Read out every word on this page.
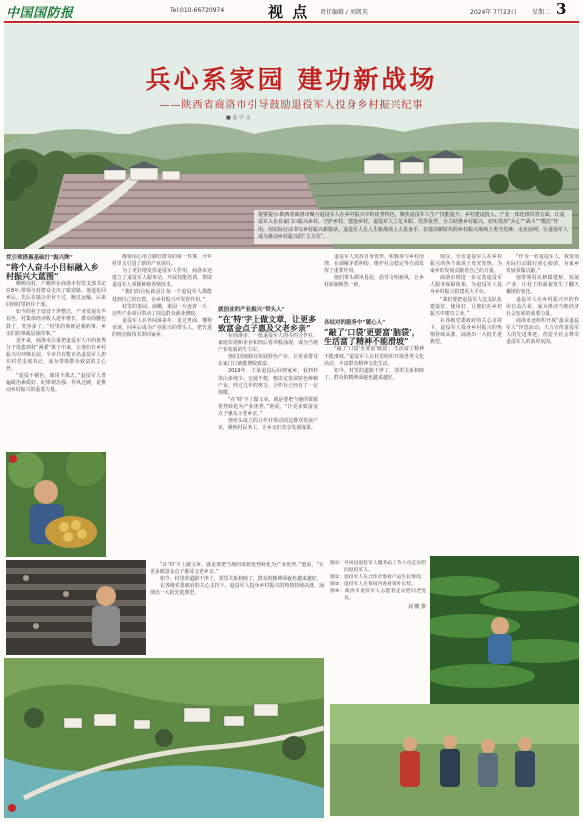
中国国防报	Tel:010-66720974	视 点 责任编辑 / 刘凯英	2024年 7月23日	星期二 3
兵心系家园 建功新战场
——陕西省商洛市引导鼓励退役军人投身乡村振兴纪事
■ 金 宇 义
提要提示:陕西省商洛市聚合退役军人在乡村振兴中的优势特色，聚焦退役军人生产技能提升、乡村建设投入、产业一体化组织等方面，让退役军人在自家门口振兴乡村、守护乡村、建设乡村。退役军人立足本职、发挥优势，全力助推乡村振兴，切实发挥“兵心”“战斗”“模范”作用，用实际行动书写乡村振兴新篇章。退役军人在人生新战场上大显身手，在建功新时代的乡村振兴战场上勇当先锋、走在前列，让退役军人成为推动乡村振兴的“主力军”。
党引领搭惠基础打“振兴牌”
“将个人奋斗小目标融入乡村振兴大蓝图”

柳树岗村，户籍所在商洛市村党支部书记任8年,带领全村群众走出了致富路。他退伍回乡后，先后在镇办企业干过，跑过运输，后来回到村里担任干部。

如今的村子处处干净整洁，产业发展有声有色，村集体经济收入逐年增长，群众的腰包鼓了，笑容多了。“村里的事就是我的事，乡亲们的事就是我的事。”

近年来，商洛市注重把退役军人中的优秀分子选拔到村“两委”班子中来，让他们在乡村振兴中冲锋在前。全市共有数百名退役军人担任村党支部书记，成为带领群众致富的主心骨。

“退役不褪色，离岗不离志。”退役军人普遍政治素质好、纪律观念强、作风过硬，是推动乡村振兴的重要力量。

都要用心用力做好群众的每一件事，今年村里又引进了新的产业项目。

为了更好地发挥退役军人作用，商洛市还建立了退役军人服务站，开展技能培训，帮助退役军人掌握种植养殖技术。

“我们的目标就是让每一个退役军人都能找到自己的位置，在乡村振兴中发挥作用。”

村里的茶园、菌棚、果园一片连着一片，这些产业项目带动了周边群众就业增收。

退役军人在外闯荡多年，见过世面、懂得市场，回乡后成为产业振兴的带头人，把先进的理念和技术带回家乡。

就创业的产业振兴“带头人”
“在‘特’字上做文章，让更多致富金点子惠及父老乡亲”

在商洛市，一批退役军人创办的合作社、家庭农场和企业如雨后春笋般涌现，成为当地产业发展的生力军。

他们因地制宜发展特色产业，让更多群众在家门口就能增收致富。

2019年，王某退役后回到家乡，看到村里山多地少、交通不便，便决定发展特色种植产业。经过几年的努力，合作社已经有了一定规模。

“在‘特’字上做文章，就是要把当地的资源优势转化为产业优势。”他说，“让更多致富金点子惠及父老乡亲。”

他牵头成立的合作社带动周边群众发展产业，吸纳村民务工，让乡亲们共享发展成果。

退役军人发挥自身优势，积极参与乡村治理，在调解矛盾纠纷、维护社会稳定等方面发挥了重要作用。

他们带头移风易俗，倡导文明新风，让乡村面貌焕然一新。

各结对的服务中“暖心人”
“敲了‘口袋’更要富‘脑袋’，生活富了精神不能滑坡”

“敲了‘口袋’更要富‘脑袋’，生活富了精神不能滑坡。”退役军人在村里组织开展各类文化活动，丰富群众精神文化生活。

如今，村里的道路干净了，邻里关系和睦了，群众的精神面貌也越来越好。

现在，全市退役军人在乡村振兴的各个战场上发光发热，为家乡的发展贡献着自己的力量。

商洛市将进一步完善退役军人服务保障体系，为退役军人投身乡村振兴搭建更大平台。

“我们要把退役军人这支队伍建设好、使用好，让他们在乡村振兴中建功立业。”

在各级党委政府的关心支持下，退役军人投身乡村振兴的热情持续高涨，涌现出一大批先进典型。

“作为一名退役军人，我要用实际行动践行初心使命，为家乡发展多做贡献。”

他带领村民修路建桥、发展产业，让村子的面貌发生了翻天覆地的变化。

退役军人在乡村振兴中的作用日益凸显，成为推动当地经济社会发展的重要力量。

商洛市还组织开展“最美退役军人”评选活动，大力宣传退役军人的先进事迹，营造全社会尊崇退役军人的浓厚氛围。

图①：丹凤县退役军人服务站工作人员走访慰问退役军人。
图②：退役军人在合作社察看产品生长情况。
图③：退役军人在茶园内查看茶叶长势。
图④：商洛市退役军人志愿者走访慰问老党员。
刘 鹏 摄

“在‘特’字上做文章，就是要把当地的资源优势转化为产业优势。”他说，“让更多致富金点子惠及父老乡亲。”

如今，村里的道路干净了，邻里关系和睦了，群众的精神面貌也越来越好。

在各级党委政府的关心支持下，退役军人投身乡村振兴的热情持续高涨，涌现出一大批先进典型。
